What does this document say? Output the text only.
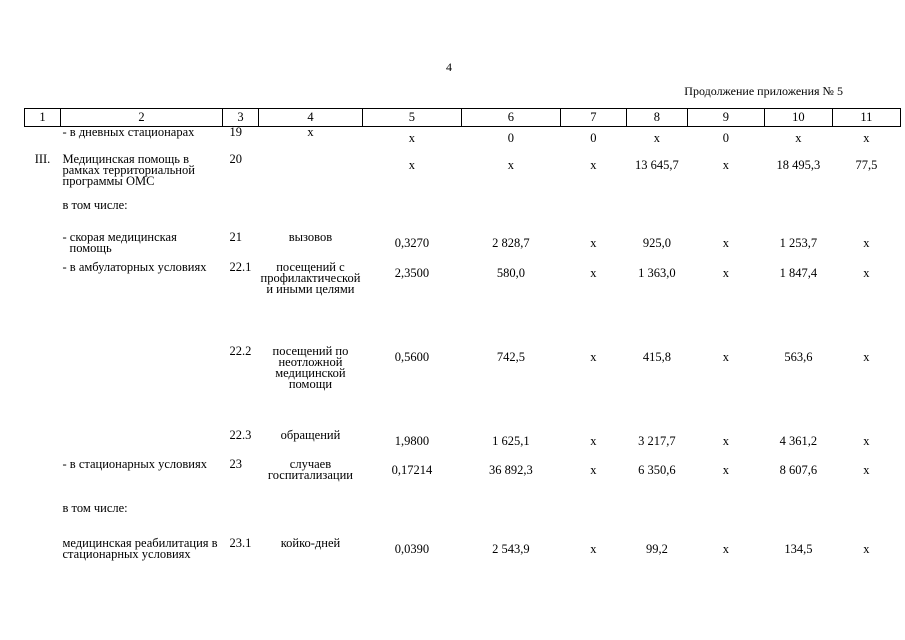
4
Продолжение приложения № 5
1	2	3	4	5	6	7	8	9	10	11

	- в дневных стационарах	19	х	х	0	0	х	0	х	х

III.	Медицинская помощь в рамках территориальной программы ОМС	20		х	х	х	13 645,7	х	18 495,3	77,5

	в том числе:									

	- скорая медицинская помощь	21	вызовов	0,3270	2 828,7	х	925,0	х	1 253,7	х

	- в амбулаторных условиях	22.1	посещений с профилактической и иными целями	2,3500	580,0	х	1 363,0	х	1 847,4	х

		22.2	посещений по неотложной медицинской помощи	0,5600	742,5	х	415,8	х	563,6	х

		22.3	обращений	1,9800	1 625,1	х	3 217,7	х	4 361,2	х

	- в стационарных условиях	23	случаев госпитализации	0,17214	36 892,3	х	6 350,6	х	8 607,6	х

	в том числе:									

	медицинская реабилитация в стационарных условиях	23.1	койко-дней	0,0390	2 543,9	х	99,2	х	134,5	х
